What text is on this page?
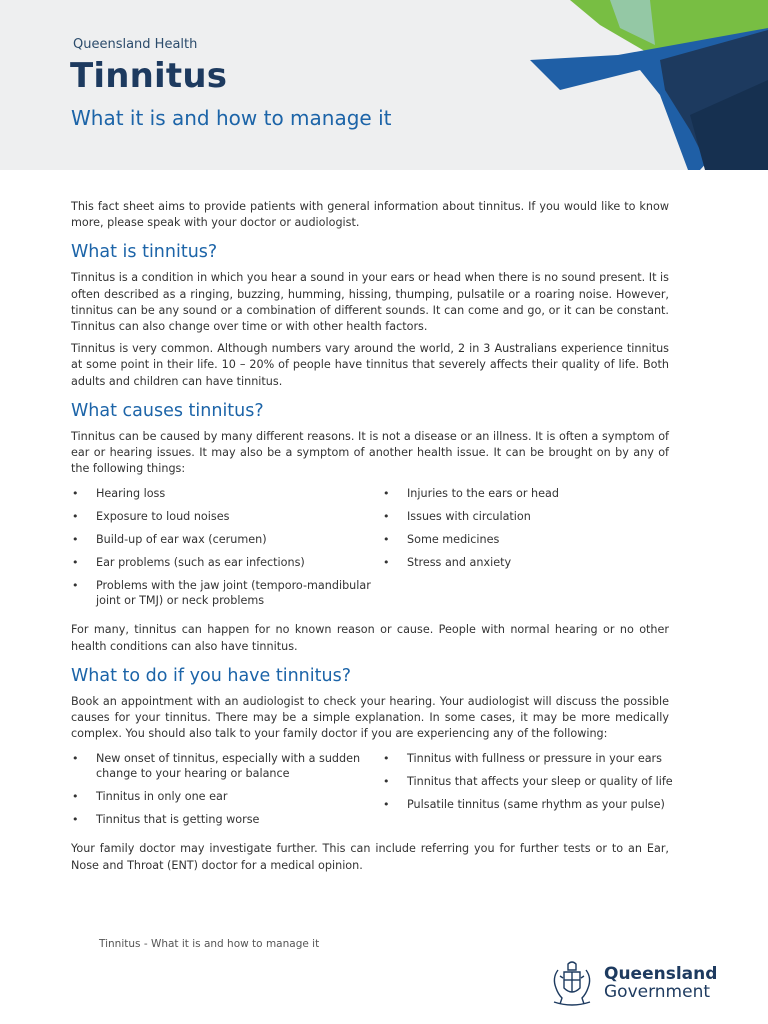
Queensland Health
Tinnitus
What it is and how to manage it

This fact sheet aims to provide patients with general information about tinnitus. If you would like to know more, please speak with your doctor or audiologist.

What is tinnitus?

Tinnitus is a condition in which you hear a sound in your ears or head when there is no sound present. It is often described as a ringing, buzzing, humming, hissing, thumping, pulsatile or a roaring noise. However, tinnitus can be any sound or a combination of different sounds. It can come and go, or it can be constant. Tinnitus can also change over time or with other health factors.

Tinnitus is very common. Although numbers vary around the world, 2 in 3 Australians experience tinnitus at some point in their life. 10 – 20% of people have tinnitus that severely affects their quality of life. Both adults and children can have tinnitus.

What causes tinnitus?

Tinnitus can be caused by many different reasons. It is not a disease or an illness. It is often a symptom of ear or hearing issues. It may also be a symptom of another health issue. It can be brought on by any of the following things:

• Hearing loss
• Exposure to loud noises
• Build-up of ear wax (cerumen)
• Ear problems (such as ear infections)
• Problems with the jaw joint (temporo-mandibular joint or TMJ) or neck problems
• Injuries to the ears or head
• Issues with circulation
• Some medicines
• Stress and anxiety

For many, tinnitus can happen for no known reason or cause. People with normal hearing or no other health conditions can also have tinnitus.

What to do if you have tinnitus?

Book an appointment with an audiologist to check your hearing. Your audiologist will discuss the possible causes for your tinnitus. There may be a simple explanation. In some cases, it may be more medically complex. You should also talk to your family doctor if you are experiencing any of the following:

• New onset of tinnitus, especially with a sudden change to your hearing or balance
• Tinnitus in only one ear
• Tinnitus that is getting worse
• Tinnitus with fullness or pressure in your ears
• Tinnitus that affects your sleep or quality of life
• Pulsatile tinnitus (same rhythm as your pulse)

Your family doctor may investigate further. This can include referring you for further tests or to an Ear, Nose and Throat (ENT) doctor for a medical opinion.

Tinnitus - What it is and how to manage it
Queensland
Government
